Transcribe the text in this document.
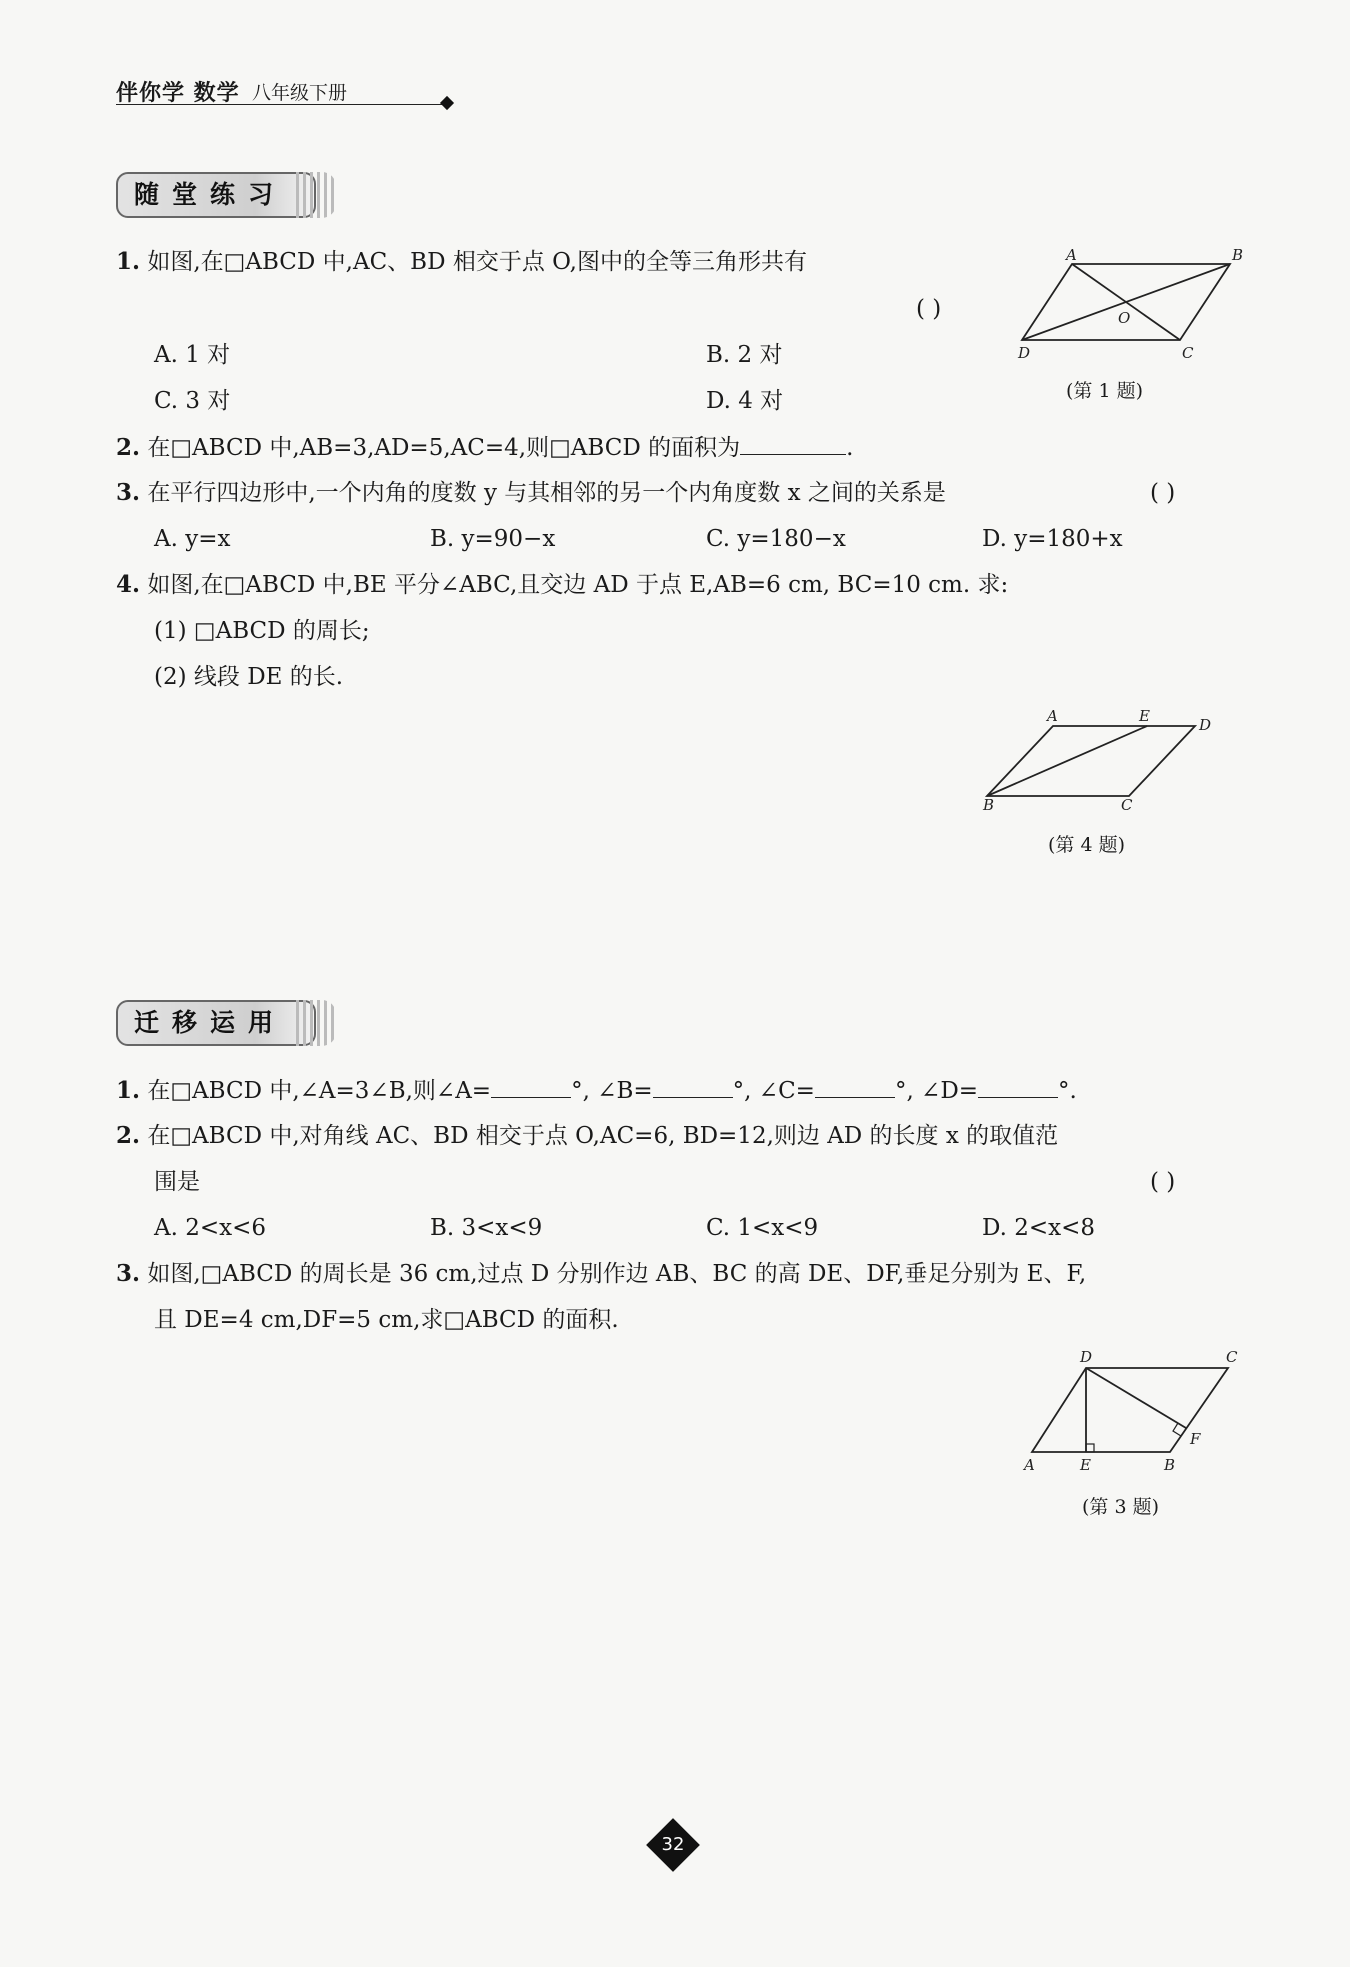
伴你学 数学 八年级下册
随堂练习
1. 如图,在□ABCD 中,AC、BD 相交于点 O,图中的全等三角形共有
( )
A. 1 对	B. 2 对
C. 3 对	D. 4 对
A	B
C
D
O
(第 1 题)
2. 在□ABCD 中,AB=3,AD=5,AC=4,则□ABCD 的面积为	.
3. 在平行四边形中,一个内角的度数 y 与其相邻的另一个内角度数 x 之间的关系是	( )
A. y=x	B. y=90−x	C. y=180−x	D. y=180+x
4. 如图,在□ABCD 中,BE 平分∠ABC,且交边 AD 于点 E,AB=6 cm, BC=10 cm. 求:
(1) □ABCD 的周长;
(2) 线段 DE 的长.
A	E	D
B	C
(第 4 题)
迁移运用
1. 在□ABCD 中,∠A=3∠B,则∠A=	°, ∠B=	°, ∠C=	°, ∠D=	°.
2. 在□ABCD 中,对角线 AC、BD 相交于点 O,AC=6, BD=12,则边 AD 的长度 x 的取值范
围是	( )
A. 2<x<6	B. 3<x<9	C. 1<x<9	D. 2<x<8
3. 如图,□ABCD 的周长是 36 cm,过点 D 分别作边 AB、BC 的高 DE、DF,垂足分别为 E、F,
且 DE=4 cm,DF=5 cm,求□ABCD 的面积.
D	C
A	E	B
F
(第 3 题)
32
